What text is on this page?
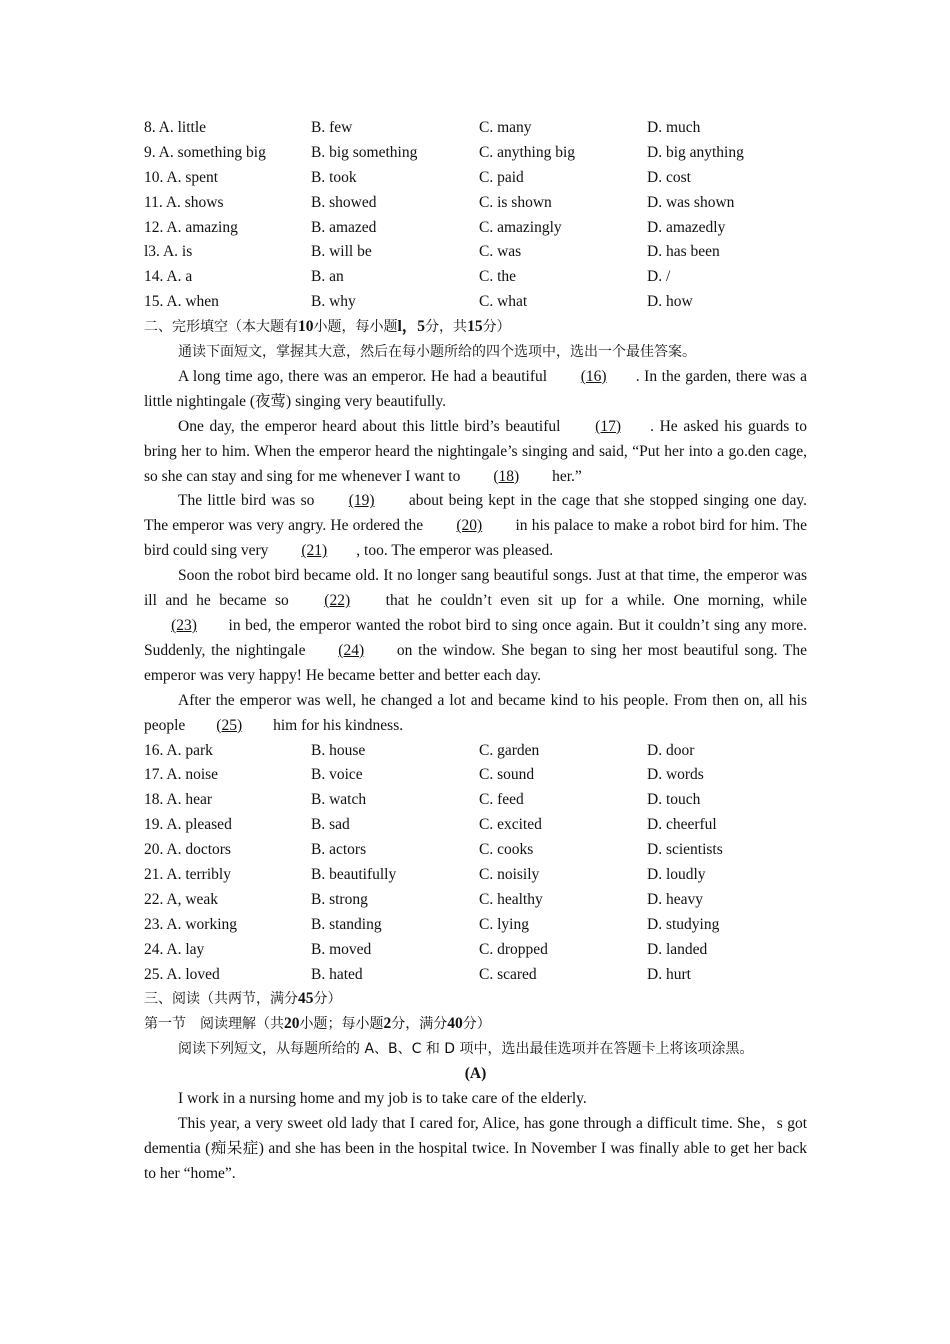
8. A. little	B. few	C. many	D. much
9. A. something big	B. big something	C. anything big	D. big anything
10. A. spent	B. took	C. paid	D. cost
11. A. shows	B. showed	C. is shown	D. was shown
12. A. amazing	B. amazed	C. amazingly	D. amazedly
l3. A. is	B. will be	C. was	D. has been
14. A. a	B. an	C. the	D. /
15. A. when	B. why	C. what	D. how
二、完形填空（本大题有10小题，每小题l，5分，共15分）
通读下面短文，掌握其大意，然后在每小题所给的四个选项中，选出一个最佳答案。
A long time ago, there was an emperor. He had a beautiful (16) . In the garden, there was a little nightingale (夜莺) singing very beautifully.
One day, the emperor heard about this little bird’s beautiful (17) . He asked his guards to bring her to him. When the emperor heard the nightingale’s singing and said, “Put her into a go.den cage, so she can stay and sing for me whenever I want to (18) her.”
The little bird was so (19) about being kept in the cage that she stopped singing one day. The emperor was very angry. He ordered the (20) in his palace to make a robot bird for him. The bird could sing very (21) , too. The emperor was pleased.
Soon the robot bird became old. It no longer sang beautiful songs. Just at that time, the emperor was ill and he became so (22) that he couldn’t even sit up for a while. One morning, while (23) in bed, the emperor wanted the robot bird to sing once again. But it couldn’t sing any more. Suddenly, the nightingale (24) on the window. She began to sing her most beautiful song. The emperor was very happy! He became better and better each day.
After the emperor was well, he changed a lot and became kind to his people. From then on, all his people (25) him for his kindness.
16. A. park	B. house	C. garden	D. door
17. A. noise	B. voice	C. sound	D. words
18. A. hear	B. watch	C. feed	D. touch
19. A. pleased	B. sad	C. excited	D. cheerful
20. A. doctors	B. actors	C. cooks	D. scientists
21. A. terribly	B. beautifully	C. noisily	D. loudly
22. A, weak	B. strong	C. healthy	D. heavy
23. A. working	B. standing	C. lying	D. studying
24. A. lay	B. moved	C. dropped	D. landed
25. A. loved	B. hated	C. scared	D. hurt
三、阅读（共两节，满分45分）
第一节　阅读理解（共20小题；每小题2分，满分40分）
阅读下列短文，从每题所给的 A、B、C 和 D 项中，选出最佳选项并在答题卡上将该项涂黑。
(A)
I work in a nursing home and my job is to take care of the elderly.
This year, a very sweet old lady that I cared for, Alice, has gone through a difficult time. She，s got dementia (痴呆症) and she has been in the hospital twice. In November I was finally able to get her back to her “home”.
